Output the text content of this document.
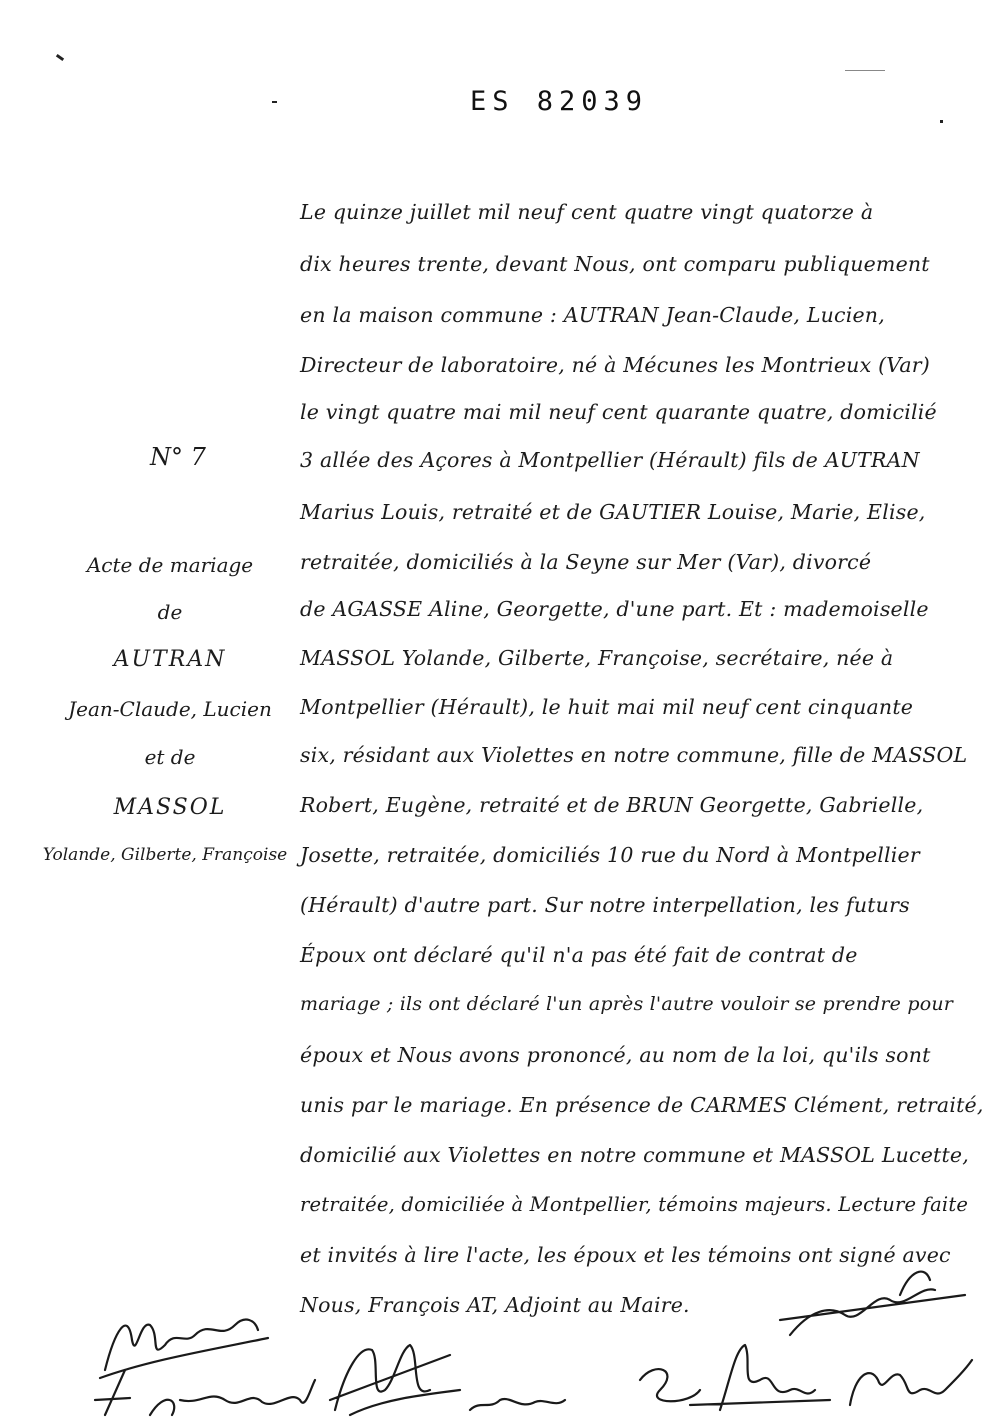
ES 82039
N° 7
Acte de mariage
de
AUTRAN
Jean-Claude, Lucien
et de
MASSOL
Yolande, Gilberte, Françoise
Le quinze juillet mil neuf cent quatre vingt quatorze à
dix heures trente, devant Nous, ont comparu publiquement
en la maison commune : AUTRAN Jean-Claude, Lucien,
Directeur de laboratoire, né à Mécunes les Montrieux (Var)
le vingt quatre mai mil neuf cent quarante quatre, domicilié
3 allée des Açores à Montpellier (Hérault) fils de AUTRAN
Marius Louis, retraité et de GAUTIER Louise, Marie, Elise,
retraitée, domiciliés à la Seyne sur Mer (Var), divorcé
de AGASSE Aline, Georgette, d'une part. Et : mademoiselle
MASSOL Yolande, Gilberte, Françoise, secrétaire, née à
Montpellier (Hérault), le huit mai mil neuf cent cinquante
six, résidant aux Violettes en notre commune, fille de MASSOL
Robert, Eugène, retraité et de BRUN Georgette, Gabrielle,
Josette, retraitée, domiciliés 10 rue du Nord à Montpellier
(Hérault) d'autre part. Sur notre interpellation, les futurs
Époux ont déclaré qu'il n'a pas été fait de contrat de
mariage ; ils ont déclaré l'un après l'autre vouloir se prendre pour
époux et Nous avons prononcé, au nom de la loi, qu'ils sont
unis par le mariage. En présence de CARMES Clément, retraité,
domicilié aux Violettes en notre commune et MASSOL Lucette,
retraitée, domiciliée à Montpellier, témoins majeurs. Lecture faite
et invités à lire l'acte, les époux et les témoins ont signé avec
Nous, François AT, Adjoint au Maire.
